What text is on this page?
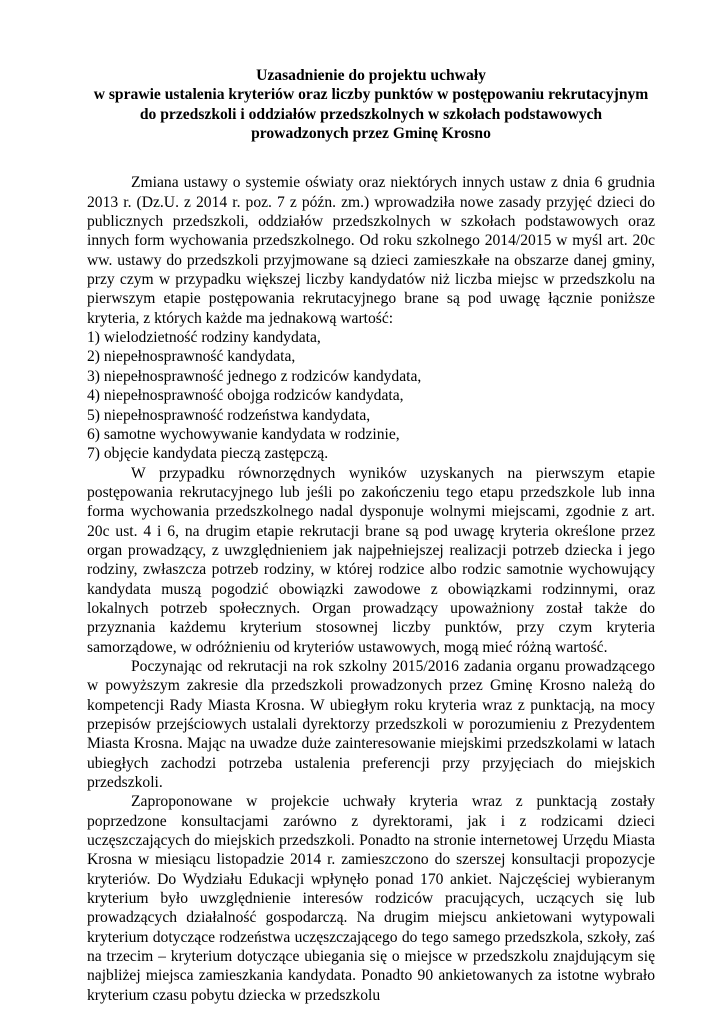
Uzasadnienie do projektu uchwały
w sprawie ustalenia kryteriów oraz liczby punktów w postępowaniu rekrutacyjnym
do przedszkoli i oddziałów przedszkolnych w szkołach podstawowych
prowadzonych przez Gminę Krosno

Zmiana ustawy o systemie oświaty oraz niektórych innych ustaw z dnia 6 grudnia 2013 r. (Dz.U. z 2014 r. poz. 7 z późn. zm.) wprowadziła nowe zasady przyjęć dzieci do publicznych przedszkoli, oddziałów przedszkolnych w szkołach podstawowych oraz innych form wychowania przedszkolnego. Od roku szkolnego 2014/2015 w myśl art. 20c ww. ustawy do przedszkoli przyjmowane są dzieci zamieszkałe na obszarze danej gminy, przy czym w przypadku większej liczby kandydatów niż liczba miejsc w przedszkolu na pierwszym etapie postępowania rekrutacyjnego brane są pod uwagę łącznie poniższe kryteria, z których każde ma jednakową wartość:

1) wielodzietność rodziny kandydata,
2) niepełnosprawność kandydata,
3) niepełnosprawność jednego z rodziców kandydata,
4) niepełnosprawność obojga rodziców kandydata,
5) niepełnosprawność rodzeństwa kandydata,
6) samotne wychowywanie kandydata w rodzinie,
7) objęcie kandydata pieczą zastępczą.

W przypadku równorzędnych wyników uzyskanych na pierwszym etapie postępowania rekrutacyjnego lub jeśli po zakończeniu tego etapu przedszkole lub inna forma wychowania przedszkolnego nadal dysponuje wolnymi miejscami, zgodnie z art. 20c ust. 4 i 6, na drugim etapie rekrutacji brane są pod uwagę kryteria określone przez organ prowadzący, z uwzględnieniem jak najpełniejszej realizacji potrzeb dziecka i jego rodziny, zwłaszcza potrzeb rodziny, w której rodzice albo rodzic samotnie wychowujący kandydata muszą pogodzić obowiązki zawodowe z obowiązkami rodzinnymi, oraz lokalnych potrzeb społecznych. Organ prowadzący upoważniony został także do przyznania każdemu kryterium stosownej liczby punktów, przy czym kryteria samorządowe, w odróżnieniu od kryteriów ustawowych, mogą mieć różną wartość.

Poczynając od rekrutacji na rok szkolny 2015/2016 zadania organu prowadzącego w powyższym zakresie dla przedszkoli prowadzonych przez Gminę Krosno należą do kompetencji Rady Miasta Krosna. W ubiegłym roku kryteria wraz z punktacją, na mocy przepisów przejściowych ustalali dyrektorzy przedszkoli w porozumieniu z Prezydentem Miasta Krosna. Mając na uwadze duże zainteresowanie miejskimi przedszkolami w latach ubiegłych zachodzi potrzeba ustalenia preferencji przy przyjęciach do miejskich przedszkoli.

Zaproponowane w projekcie uchwały kryteria wraz z punktacją zostały poprzedzone konsultacjami zarówno z dyrektorami, jak i z rodzicami dzieci uczęszczających do miejskich przedszkoli. Ponadto na stronie internetowej Urzędu Miasta Krosna w miesiącu listopadzie 2014 r. zamieszczono do szerszej konsultacji propozycje kryteriów. Do Wydziału Edukacji wpłynęło ponad 170 ankiet. Najczęściej wybieranym kryterium było uwzględnienie interesów rodziców pracujących, uczących się lub prowadzących działalność gospodarczą. Na drugim miejscu ankietowani wytypowali kryterium dotyczące rodzeństwa uczęszczającego do tego samego przedszkola, szkoły, zaś na trzecim – kryterium dotyczące ubiegania się o miejsce w przedszkolu znajdującym się najbliżej miejsca zamieszkania kandydata. Ponadto 90 ankietowanych za istotne wybrało kryterium czasu pobytu dziecka w przedszkolu
